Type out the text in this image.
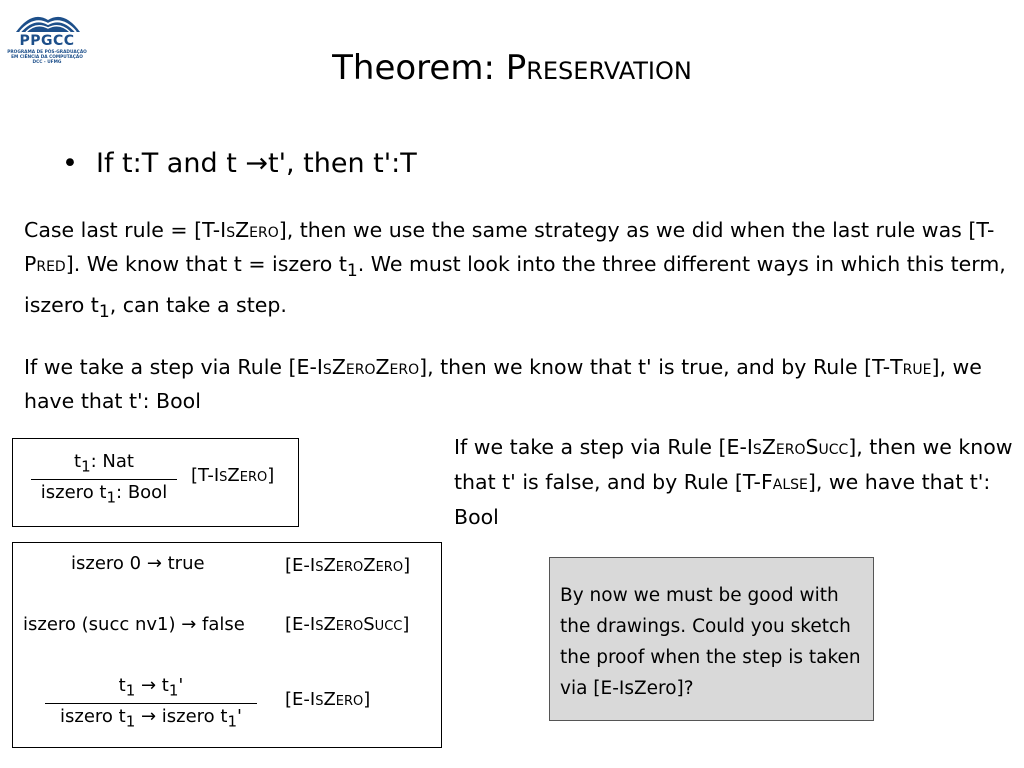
PPGCC
PROGRAMA DE PÓS-GRADUAÇÃO EM CIÊNCIA DA COMPUTAÇÃO DCC - UFMG	Theorem: Preservation
• If t:T and t →t', then t':T
Case last rule = [T-IsZero], then we use the same strategy as we did when the last rule was [T-Pred]. We know that t = iszero $t_1$. We must look into the three different ways in which this term, iszero $t_1$, can take a step.
If we take a step via Rule [E-IsZeroZero], then we know that t' is true, and by Rule [T-True], we have that t': Bool
If we take a step via Rule [E-IsZeroSucc], then we know that t' is false, and by Rule [T-False], we have that t': Bool
$t_1$: Nat
iszero $t_1$: Bool
[T-IsZero]
iszero 0 → true	[E-IsZeroZero]
iszero (succ nv1) → false [E-IsZeroSucc]
$t_1 \to t_1'$
iszero $t_1$ → iszero $t_1'$
[E-IsZero]
By now we must be good with the drawings. Could you sketch the proof when the step is taken via [E-IsZero]?
